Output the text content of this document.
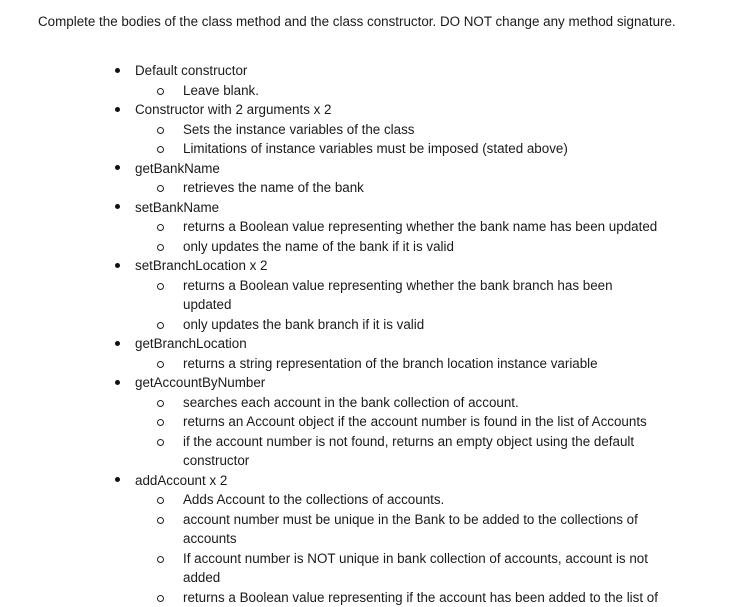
Complete the bodies of the class method and the class constructor. DO NOT change any method signature.
Default constructor
Leave blank.
Constructor with 2 arguments x 2
Sets the instance variables of the class
Limitations of instance variables must be imposed (stated above)
getBankName
retrieves the name of the bank
setBankName
returns a Boolean value representing whether the bank name has been updated
only updates the name of the bank if it is valid
setBranchLocation x 2
returns a Boolean value representing whether the bank branch has been updated
only updates the bank branch if it is valid
getBranchLocation
returns a string representation of the branch location instance variable
getAccountByNumber
searches each account in the bank collection of account.
returns an Account object if the account number is found in the list of Accounts
if the account number is not found, returns an empty object using the default constructor
addAccount x 2
Adds Account to the collections of accounts.
account number must be unique in the Bank to be added to the collections of accounts
If account number is NOT unique in bank collection of accounts, account is not added
returns a Boolean value representing if the account has been added to the list of
